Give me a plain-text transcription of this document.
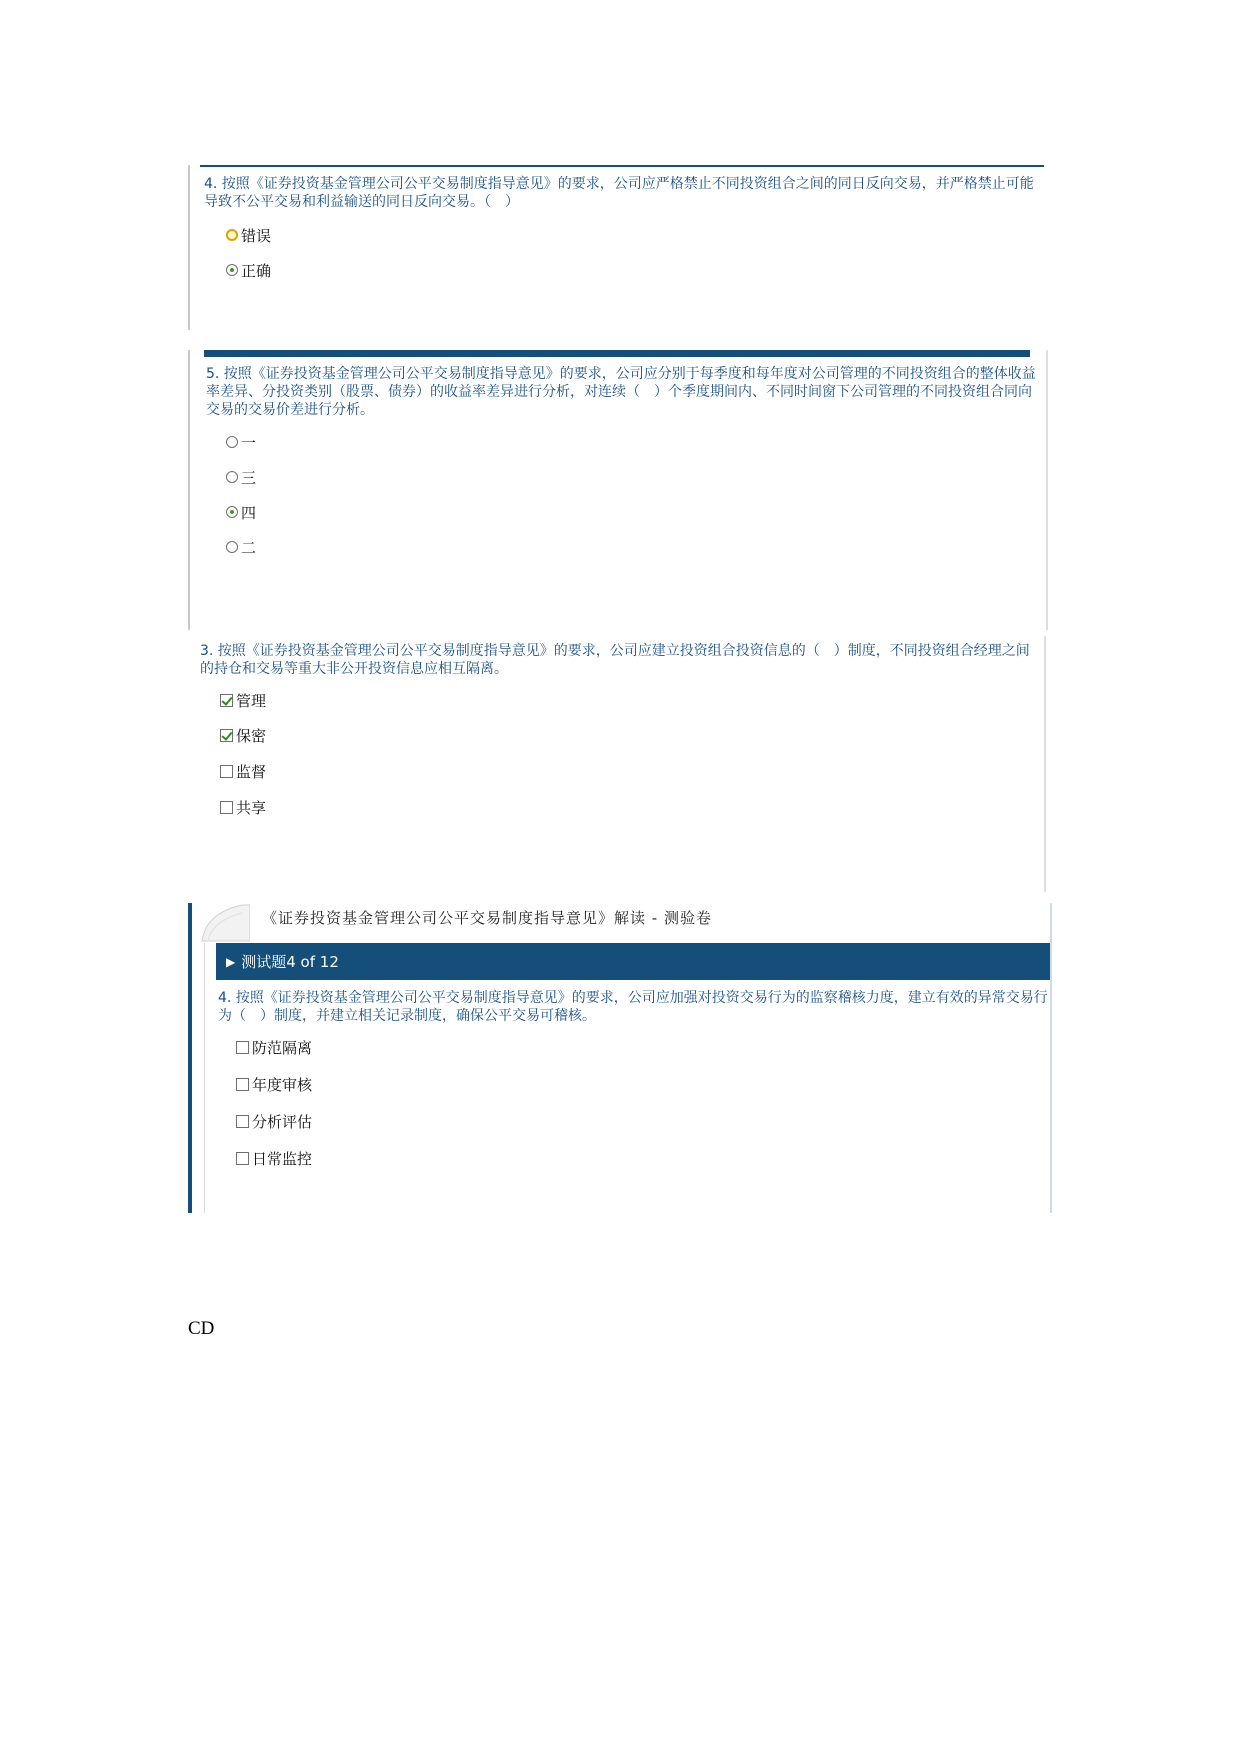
4. 按照《证券投资基金管理公司公平交易制度指导意见》的要求，公司应严格禁止不同投资组合之间的同日反向交易，并严格禁止可能导致不公平交易和利益输送的同日反向交易。（　）
错误
正确
5. 按照《证券投资基金管理公司公平交易制度指导意见》的要求，公司应分别于每季度和每年度对公司管理的不同投资组合的整体收益率差异、分投资类别（股票、债券）的收益率差异进行分析，对连续（　）个季度期间内、不同时间窗下公司管理的不同投资组合同向交易的交易价差进行分析。
一
三
四
二
3. 按照《证券投资基金管理公司公平交易制度指导意见》的要求，公司应建立投资组合投资信息的（　）制度，不同投资组合经理之间的持仓和交易等重大非公开投资信息应相互隔离。
管理
保密
监督
共享
《证券投资基金管理公司公平交易制度指导意见》解读 - 测验卷
▶ 测试题4 of 12
4. 按照《证券投资基金管理公司公平交易制度指导意见》的要求，公司应加强对投资交易行为的监察稽核力度，建立有效的异常交易行为（　）制度，并建立相关记录制度，确保公平交易可稽核。
防范隔离
年度审核
分析评估
日常监控
CD
